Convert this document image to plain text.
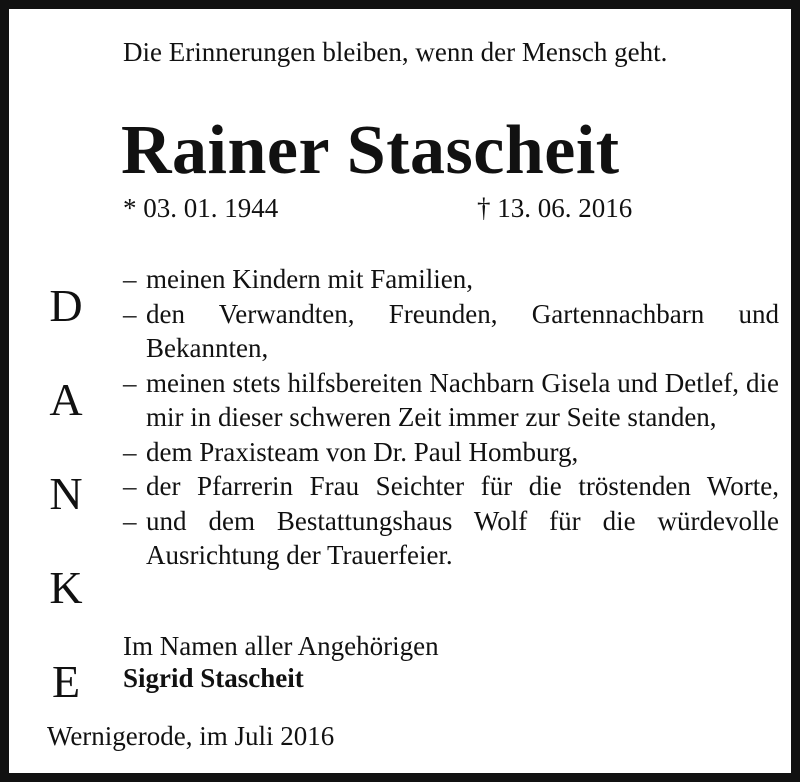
Die Erinnerungen bleiben, wenn der Mensch geht.
Rainer Stascheit
* 03. 01. 1944	† 13. 06. 2016
D
A
N
K
E
– meinen Kindern mit Familien,
– den Verwandten, Freunden, Gartennachbarn und Bekannten,
– meinen stets hilfsbereiten Nachbarn Gisela und Detlef, die mir in dieser schweren Zeit immer zur Seite standen,
– dem Praxisteam von Dr. Paul Homburg,
– der Pfarrerin Frau Seichter für die tröstenden Worte,
– und dem Bestattungshaus Wolf für die würdevolle Ausrichtung der Trauerfeier.
Im Namen aller Angehörigen
Sigrid Stascheit
Wernigerode, im Juli 2016
